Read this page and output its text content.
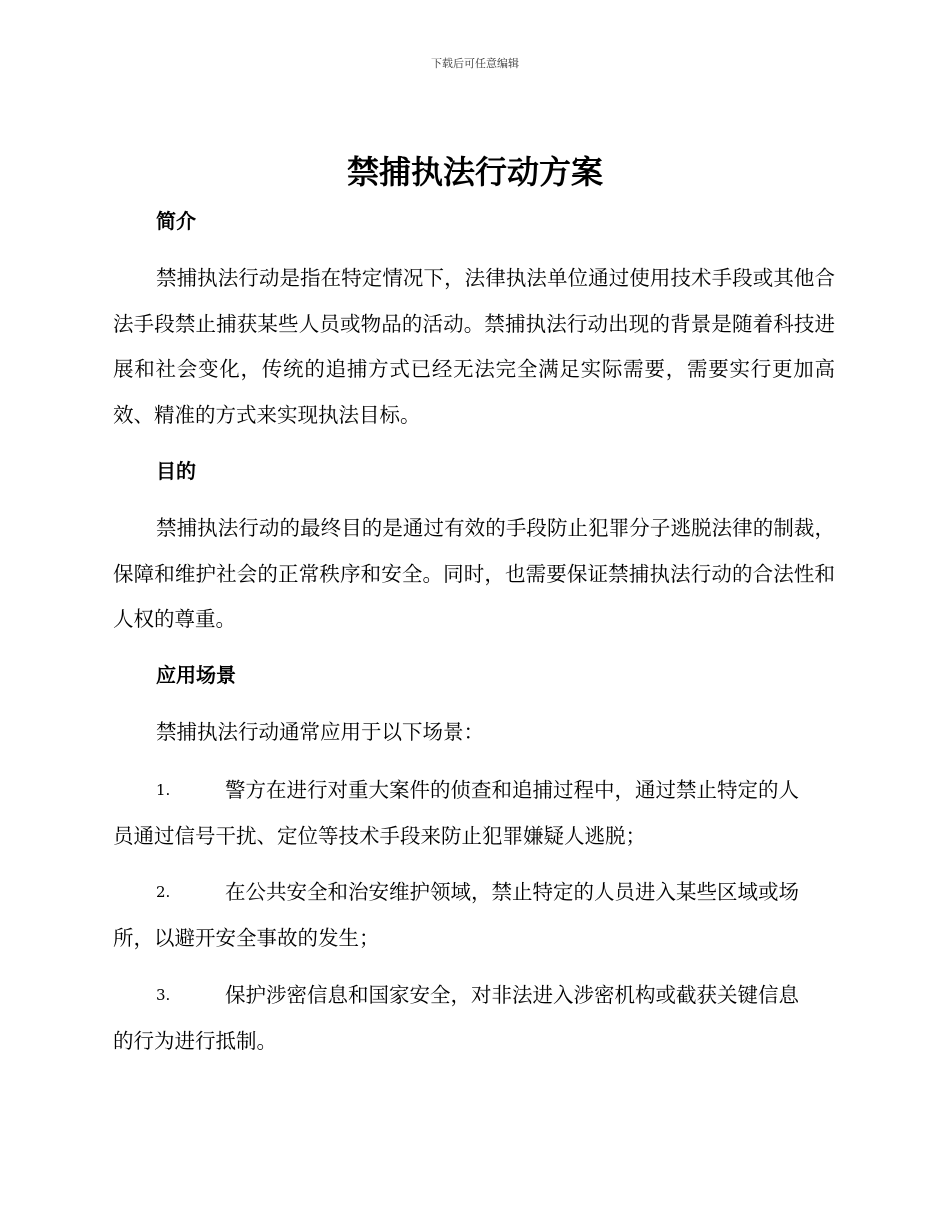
下载后可任意编辑
禁捕执法行动方案
简介

禁捕执法行动是指在特定情况下，法律执法单位通过使用技术手段或其他合法手段禁止捕获某些人员或物品的活动。禁捕执法行动出现的背景是随着科技进展和社会变化，传统的追捕方式已经无法完全满足实际需要，需要实行更加高效、精准的方式来实现执法目标。

目的

禁捕执法行动的最终目的是通过有效的手段防止犯罪分子逃脱法律的制裁，保障和维护社会的正常秩序和安全。同时，也需要保证禁捕执法行动的合法性和人权的尊重。

应用场景

禁捕执法行动通常应用于以下场景：

1.	警方在进行对重大案件的侦查和追捕过程中，通过禁止特定的人
员通过信号干扰、定位等技术手段来防止犯罪嫌疑人逃脱；
2.	在公共安全和治安维护领域，禁止特定的人员进入某些区域或场
所，以避开安全事故的发生；
3.	保护涉密信息和国家安全，对非法进入涉密机构或截获关键信息
的行为进行抵制。
